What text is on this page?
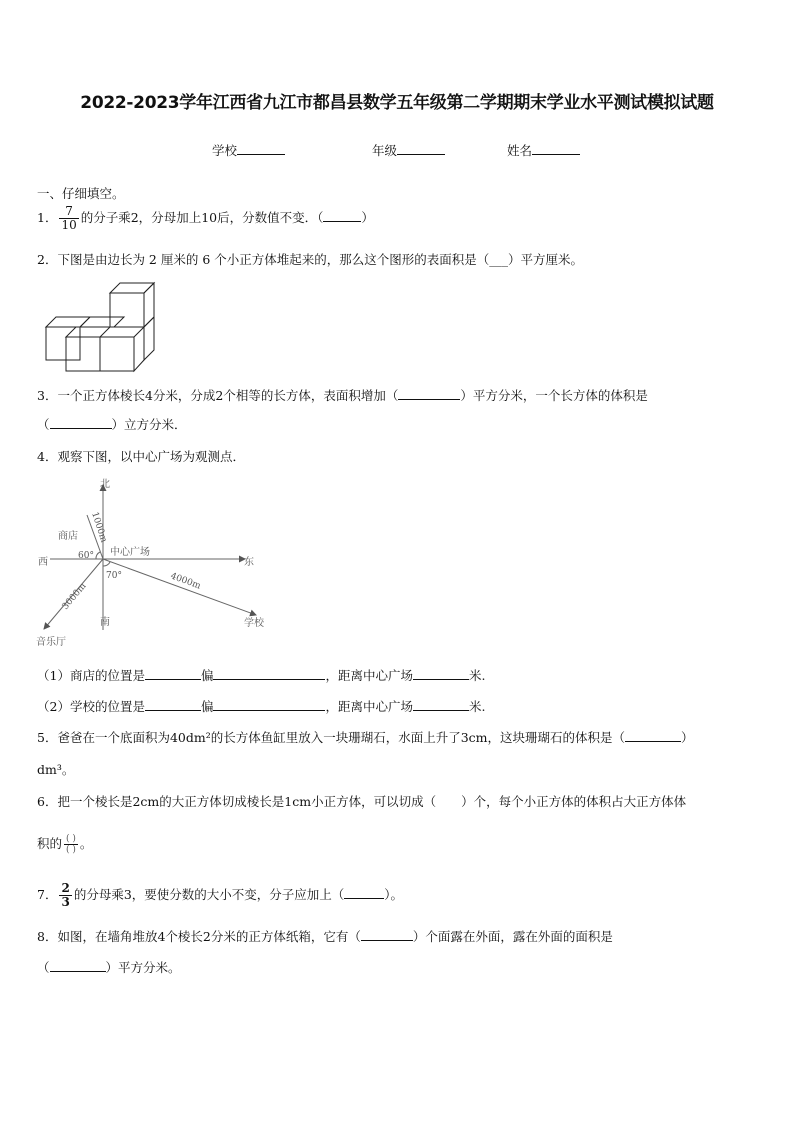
2022-2023学年江西省九江市都昌县数学五年级第二学期期末学业水平测试模拟试题
学校	年级	姓名
一、仔细填空。
1． $\frac{7}{10}$ 的分子乘2，分母加上10后，分数值不变．（	）
2．下图是由边长为 2 厘米的 6 个小正方体堆起来的，那么这个图形的表面积是（___）平方厘米。
3．一个正方体棱长4分米，分成2个相等的长方体，表面积增加（	）平方分米，一个长方体的体积是
（	）立方分米．
4．观察下图，以中心广场为观测点．
北
南
东
西
中心广场
商店
学校
音乐厅
60°
70°
1000m
4000m
3000m
（1）商店的位置是	偏	，距离中心广场	米.
（2）学校的位置是	偏	，距离中心广场	米.
5．爸爸在一个底面积为40dm²的长方体鱼缸里放入一块珊瑚石，水面上升了3cm，这块珊瑚石的体积是（	）
dm³。
6．把一个棱长是2cm的大正方体切成棱长是1cm小正方体，可以切成（　　）个，每个小正方体的体积占大正方体体
积的 $\frac{( )}{( )}$ 。
7． $\frac{2}{3}$ 的分母乘3，要使分数的大小不变，分子应加上（	）。
8．如图，在墙角堆放4个棱长2分米的正方体纸箱，它有（	）个面露在外面，露在外面的面积是
（	）平方分米。
